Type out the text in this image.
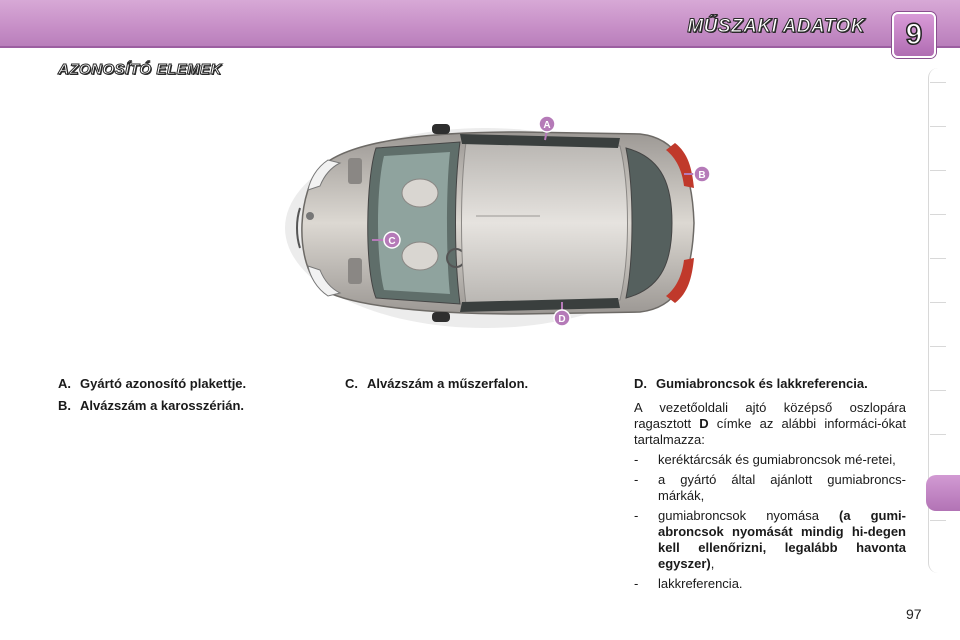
MŰSZAKI ADATOK	9
AZONOSÍTÓ ELEMEK
A
B
C
D
A. Gyártó azonosító plakettje.
B. Alvázszám a karosszérián.
C. Alvázszám a műszerfalon.	D. Gumiabroncsok és lakkreferencia.
A vezetőoldali ajtó középső oszlopára ragasztott D címke az alábbi informáci-ókat tartalmazza:
-	keréktárcsák és gumiabroncsok mé-retei,
-	a gyártó által ajánlott gumiabroncs-márkák,
-	gumiabroncsok nyomása (a gumi-abroncsok nyomását mindig hi-degen kell ellenőrizni, legalább havonta egyszer),
-	lakkreferencia.
97
